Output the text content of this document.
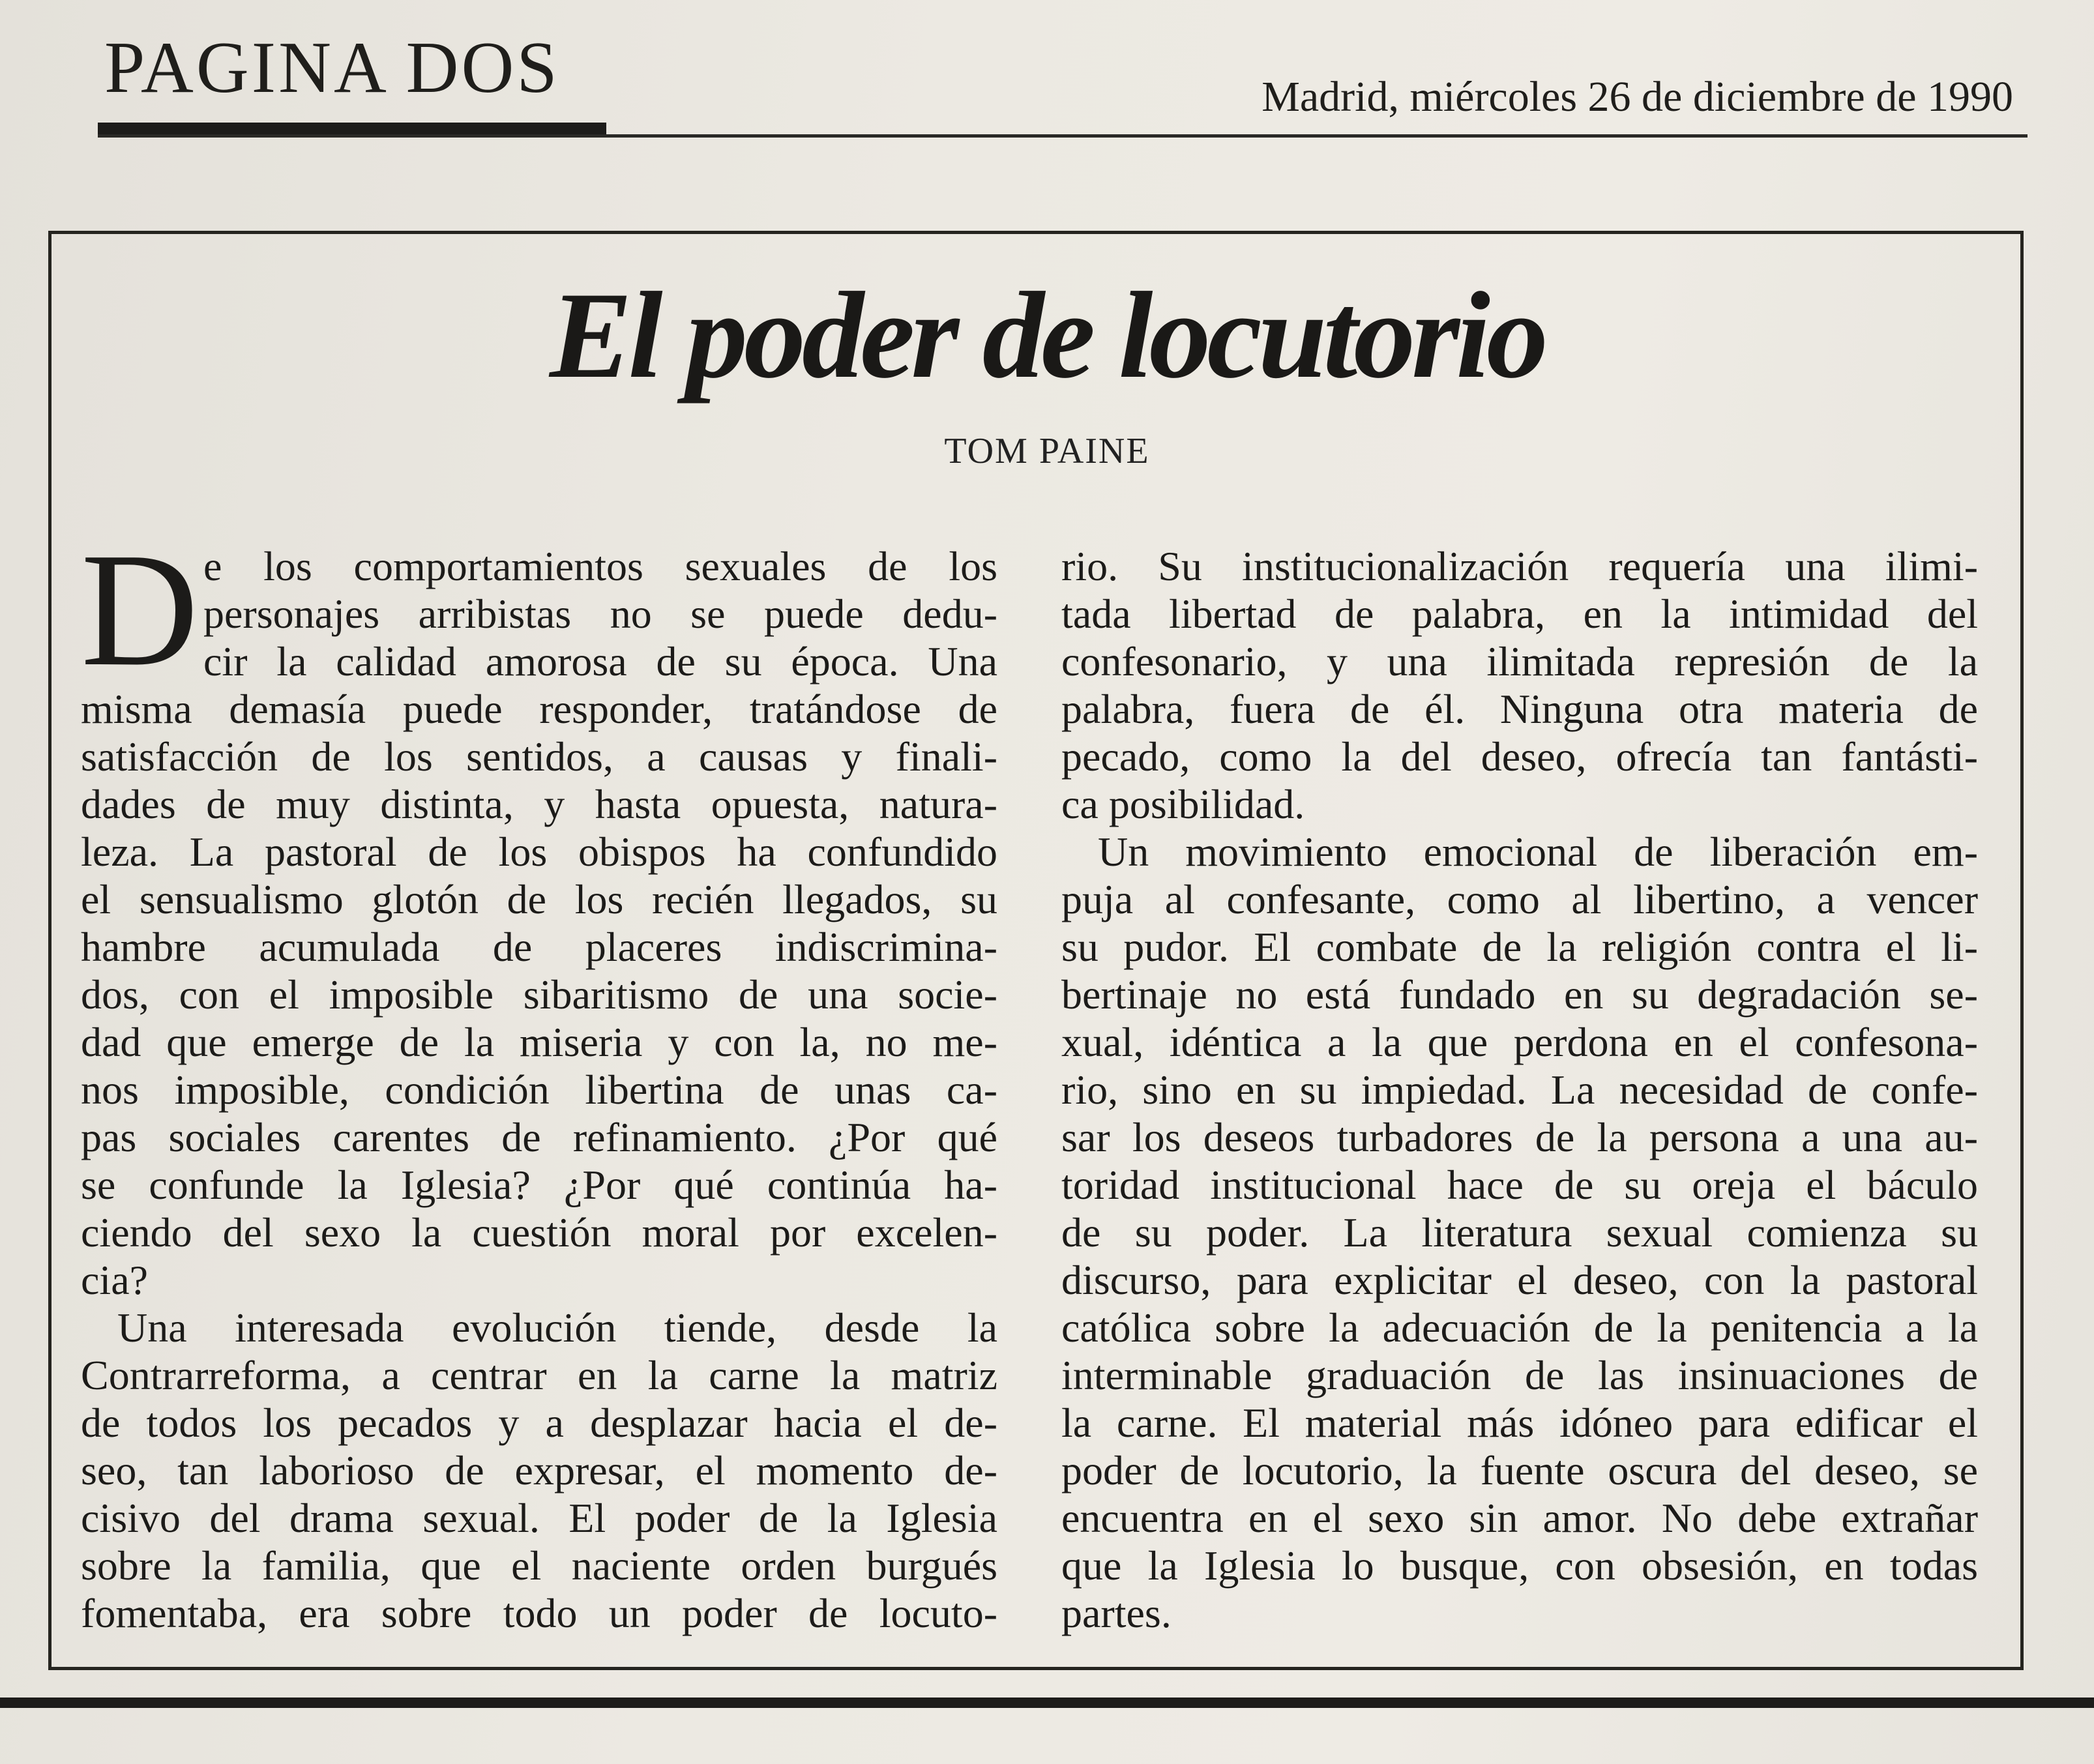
PAGINA DOS	Madrid, miércoles 26 de diciembre de 1990
El poder de locutorio
TOM PAINE
D e los comportamientos sexuales de los
personajes arribistas no se puede dedu-
cir la calidad amorosa de su época. Una
misma demasía puede responder, tratándose de
satisfacción de los sentidos, a causas y finali-
dades de muy distinta, y hasta opuesta, natura-
leza. La pastoral de los obispos ha confundido
el sensualismo glotón de los recién llegados, su
hambre acumulada de placeres indiscrimina-
dos, con el imposible sibaritismo de una socie-
dad que emerge de la miseria y con la, no me-
nos imposible, condición libertina de unas ca-
pas sociales carentes de refinamiento. ¿Por qué
se confunde la Iglesia? ¿Por qué continúa ha-
ciendo del sexo la cuestión moral por excelen-
cia?
Una interesada evolución tiende, desde la
Contrarreforma, a centrar en la carne la matriz
de todos los pecados y a desplazar hacia el de-
seo, tan laborioso de expresar, el momento de-
cisivo del drama sexual. El poder de la Iglesia
sobre la familia, que el naciente orden burgués
fomentaba, era sobre todo un poder de locuto-
rio. Su institucionalización requería una ilimi-
tada libertad de palabra, en la intimidad del
confesonario, y una ilimitada represión de la
palabra, fuera de él. Ninguna otra materia de
pecado, como la del deseo, ofrecía tan fantásti-
ca posibilidad.
Un movimiento emocional de liberación em-
puja al confesante, como al libertino, a vencer
su pudor. El combate de la religión contra el li-
bertinaje no está fundado en su degradación se-
xual, idéntica a la que perdona en el confesona-
rio, sino en su impiedad. La necesidad de confe-
sar los deseos turbadores de la persona a una au-
toridad institucional hace de su oreja el báculo
de su poder. La literatura sexual comienza su
discurso, para explicitar el deseo, con la pastoral
católica sobre la adecuación de la penitencia a la
interminable graduación de las insinuaciones de
la carne. El material más idóneo para edificar el
poder de locutorio, la fuente oscura del deseo, se
encuentra en el sexo sin amor. No debe extrañar
que la Iglesia lo busque, con obsesión, en todas
partes.
